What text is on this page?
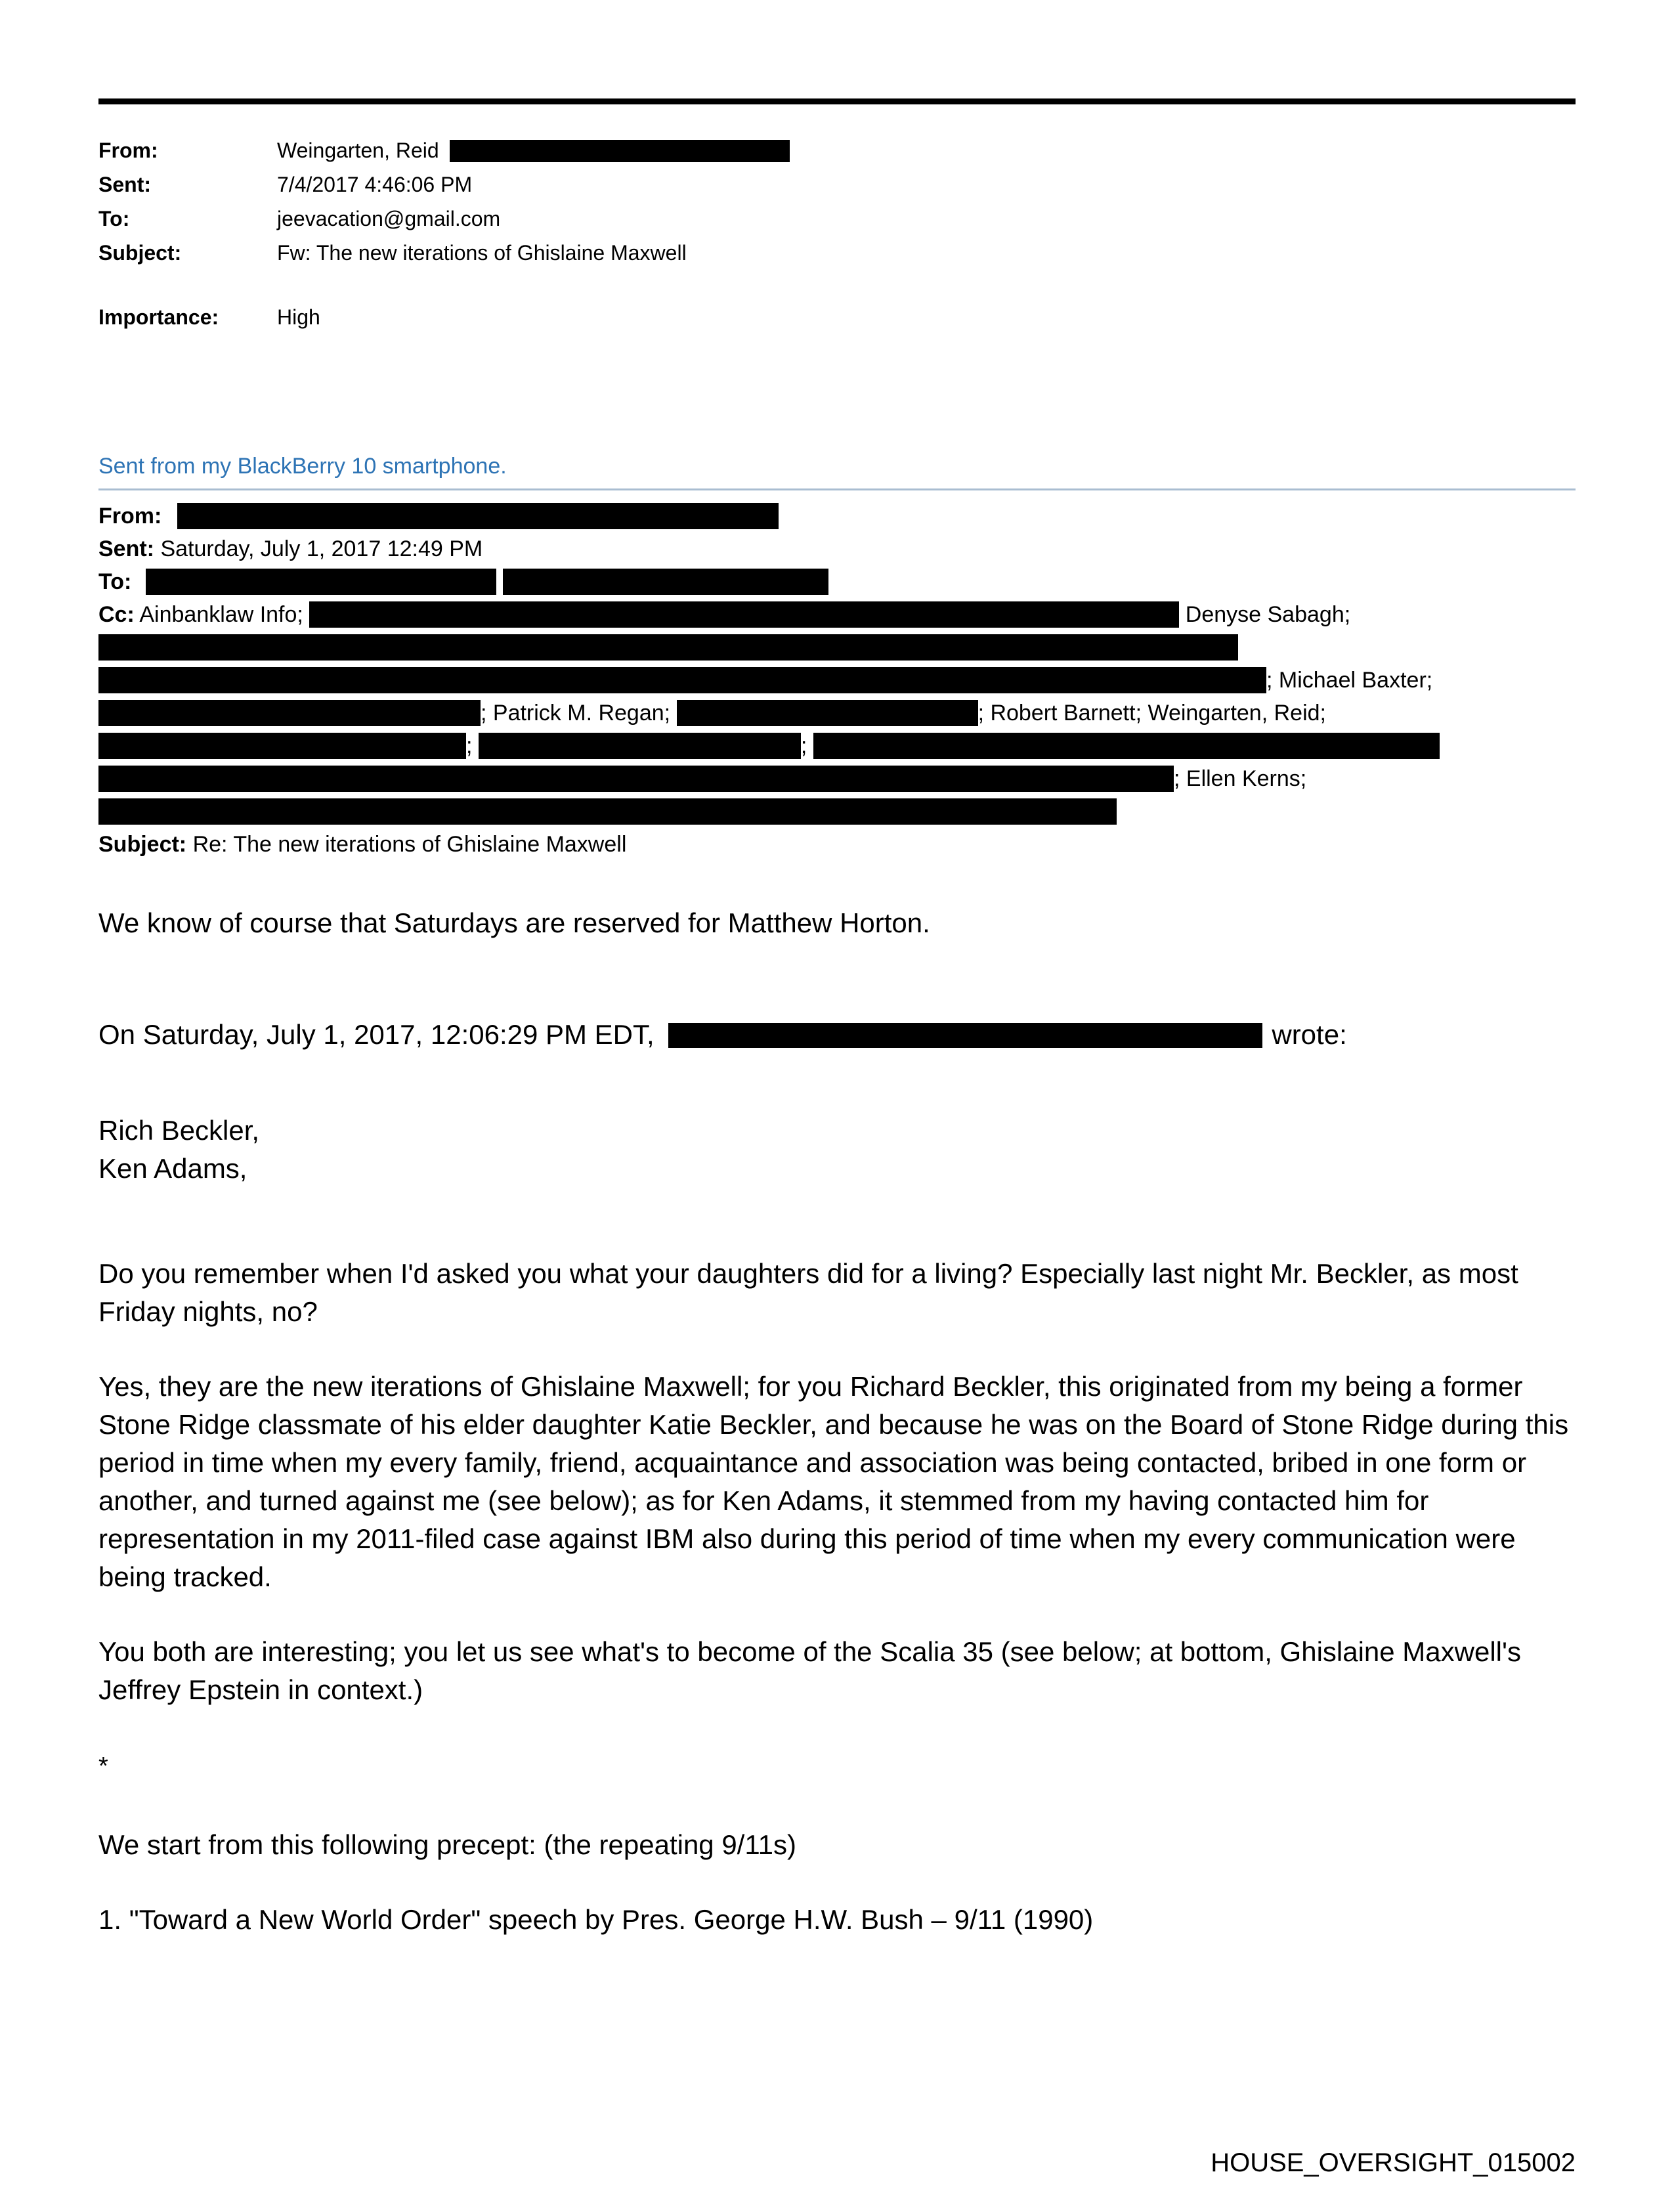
From:	Weingarten, Reid
Sent:	7/4/2017 4:46:06 PM
To:	jeevacation@gmail.com
Subject:	Fw: The new iterations of Ghislaine Maxwell
Importance:	High
Sent from my BlackBerry 10 smartphone.
From:
Sent: Saturday, July 1, 2017 12:49 PM
To:
Cc: Ainbanklaw Info;	Denyse Sabagh;
; Michael Baxter;
; Patrick M. Regan;	; Robert Barnett; Weingarten, Reid;
;	;
; Ellen Kerns;
Subject: Re: The new iterations of Ghislaine Maxwell

We know of course that Saturdays are reserved for Matthew Horton.

On Saturday, July 1, 2017, 12:06:29 PM EDT,	wrote:

Rich Beckler,
Ken Adams,

Do you remember when I'd asked you what your daughters did for a living? Especially last night Mr. Beckler, as most Friday nights, no?

Yes, they are the new iterations of Ghislaine Maxwell; for you Richard Beckler, this originated from my being a former Stone Ridge classmate of his elder daughter Katie Beckler, and because he was on the Board of Stone Ridge during this period in time when my every family, friend, acquaintance and association was being contacted, bribed in one form or another, and turned against me (see below); as for Ken Adams, it stemmed from my having contacted him for representation in my 2011-filed case against IBM also during this period of time when my every communication were being tracked.

You both are interesting; you let us see what's to become of the Scalia 35 (see below; at bottom, Ghislaine Maxwell's Jeffrey Epstein in context.)

*

We start from this following precept: (the repeating 9/11s)

1. "Toward a New World Order" speech by Pres. George H.W. Bush – 9/11 (1990)

HOUSE_OVERSIGHT_015002
